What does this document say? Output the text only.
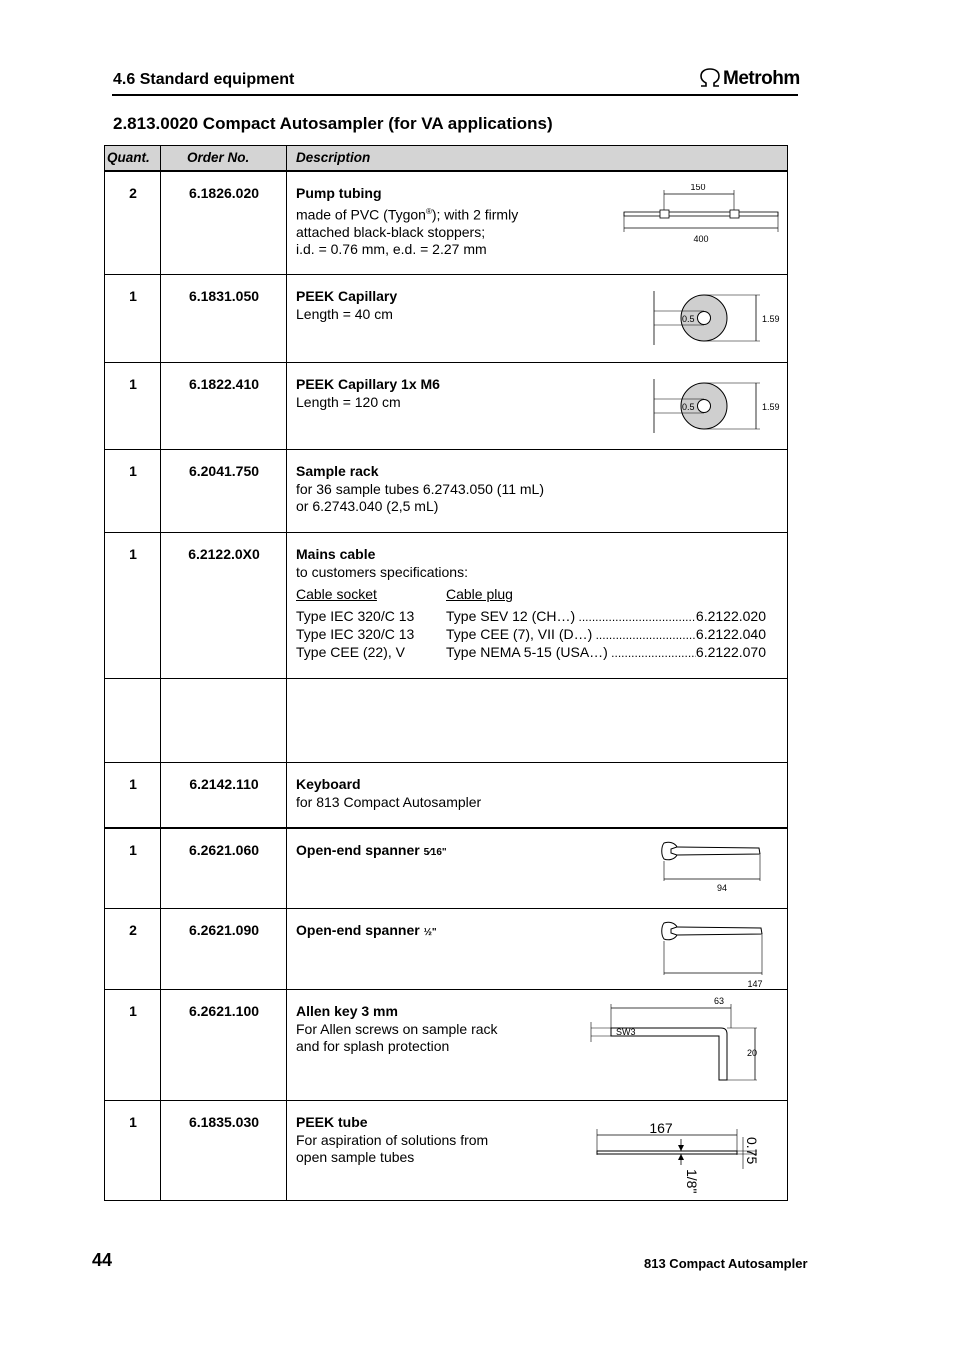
4.6 Standard equipment	Metrohm
2.813.0020 Compact Autosampler (for VA applications)
Quant.	Order No.	Description
2	6.1826.020	Pump tubing
made of PVC (Tygon®); with 2 firmly
attached black-black stoppers;
i.d. = 0.76 mm, e.d. = 2.27 mm
150
400
1	6.1831.050	PEEK Capillary
Length = 40 cm	0.5	1.59
1	6.1822.410	PEEK Capillary 1x M6
Length = 120 cm	0.5	1.59
1	6.2041.750	Sample rack
for 36 sample tubes 6.2743.050 (11 mL)
or 6.2743.040 (2,5 mL)
1	6.2122.0X0	Mains cable
to customers specifications:
Cable socket	Cable plug
Type IEC 320/C 13	Type SEV 12 (CH…) .....	6.2122.020
Type IEC 320/C 13	Type CEE (7), VII (D…) .....	6.2122.040
Type CEE (22), V	Type NEMA 5-15 (USA…) .....	6.2122.070
1	6.2142.110	Keyboard
for 813 Compact Autosampler
1	6.2621.060	Open-end spanner 5⁄16"
94
2	6.2621.090	Open-end spanner ½"
147
1	6.2621.100	Allen key 3 mm
For Allen screws on sample rack
and for splash protection
63
SW3
20
1	6.1835.030	PEEK tube
For aspiration of solutions from
open sample tubes
167
1/8"
0.75
44	813 Compact Autosampler
